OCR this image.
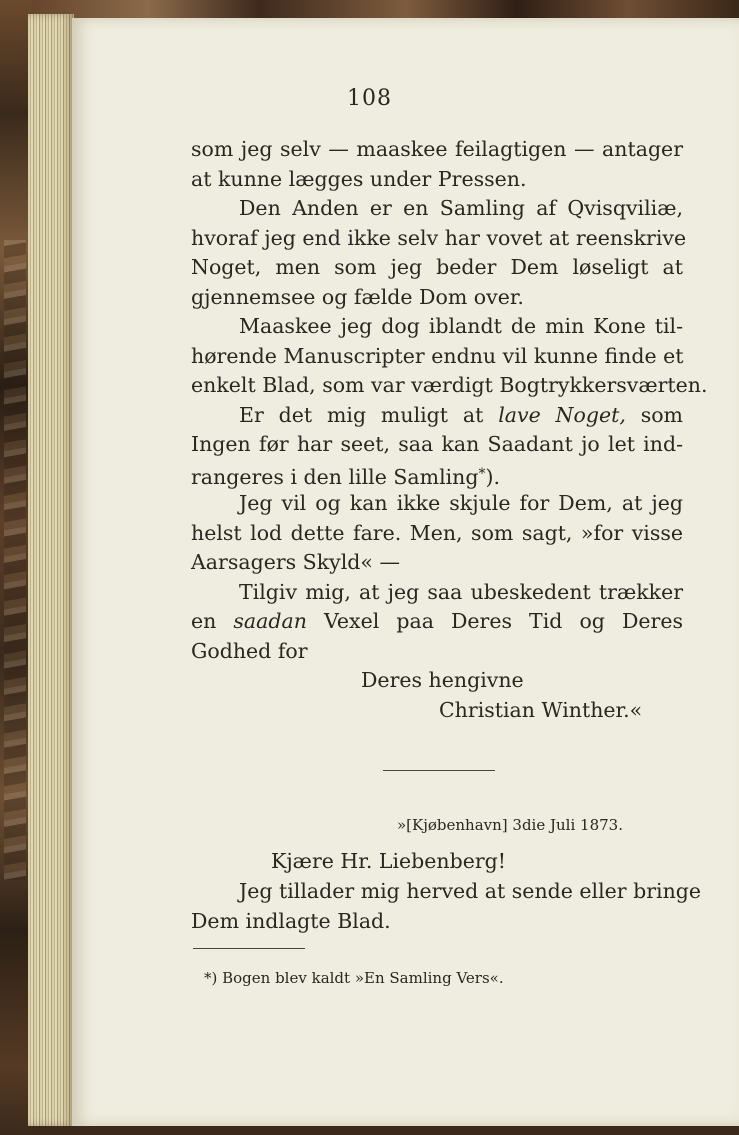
108
som jeg selv — maaskee feilagtigen — antager
at kunne lægges under Pressen.
Den Anden er en Samling af Qvisqviliæ,
hvoraf jeg end ikke selv har vovet at reenskrive
Noget, men som jeg beder Dem løseligt at
gjennemsee og fælde Dom over.
Maaskee jeg dog iblandt de min Kone til-
hørende Manuscripter endnu vil kunne finde et
enkelt Blad, som var værdigt Bogtrykkersværten.
Er det mig muligt at lave Noget, som
Ingen før har seet, saa kan Saadant jo let ind-
rangeres i den lille Samling*).
Jeg vil og kan ikke skjule for Dem, at jeg
helst lod dette fare. Men, som sagt, »for visse
Aarsagers Skyld« —
Tilgiv mig, at jeg saa ubeskedent trækker
en saadan Vexel paa Deres Tid og Deres
Godhed for
Deres hengivne
Christian Winther.«
»[Kjøbenhavn] 3die Juli 1873.
Kjære Hr. Liebenberg!
Jeg tillader mig herved at sende eller bringe
Dem indlagte Blad.
*) Bogen blev kaldt »En Samling Vers«.
